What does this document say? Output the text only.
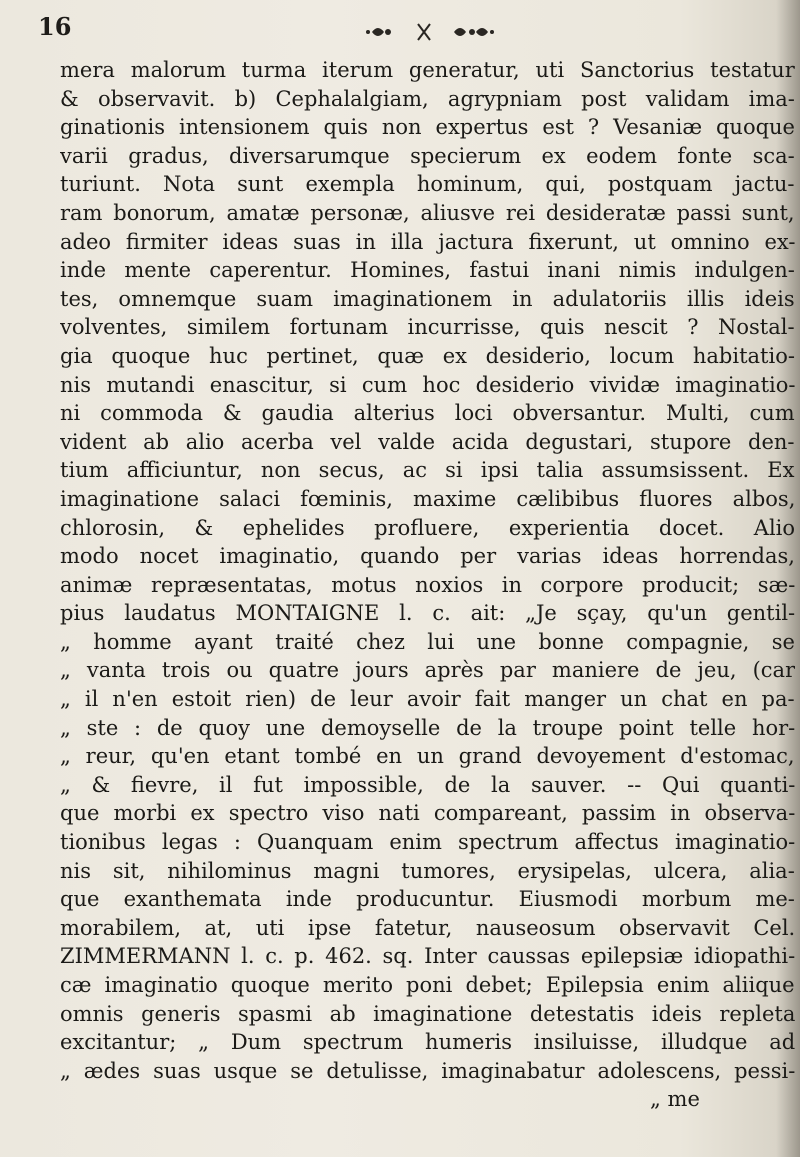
16
mera malorum turma iterum generatur, uti Sanctorius testatur
& observavit. b) Cephalalgiam, agrypniam post validam ima-
ginationis intensionem quis non expertus est ? Vesaniæ quoque
varii gradus, diversarumque specierum ex eodem fonte sca-
turiunt. Nota sunt exempla hominum, qui, postquam jactu-
ram bonorum, amatæ personæ, aliusve rei desideratæ passi sunt,
adeo firmiter ideas suas in illa jactura fixerunt, ut omnino ex-
inde mente caperentur. Homines, fastui inani nimis indulgen-
tes, omnemque suam imaginationem in adulatoriis illis ideis
volventes, similem fortunam incurrisse, quis nescit ? Nostal-
gia quoque huc pertinet, quæ ex desiderio, locum habitatio-
nis mutandi enascitur, si cum hoc desiderio vividæ imaginatio-
ni commoda & gaudia alterius loci obversantur. Multi, cum
vident ab alio acerba vel valde acida degustari, stupore den-
tium afficiuntur, non secus, ac si ipsi talia assumsissent. Ex
imaginatione salaci fœminis, maxime cælibibus fluores albos,
chlorosin, & ephelides profluere, experientia docet. Alio
modo nocet imaginatio, quando per varias ideas horrendas,
animæ repræsentatas, motus noxios in corpore producit; sæ-
pius laudatus MONTAIGNE l. c. ait: „Je sçay, qu'un gentil-
„ homme ayant traité chez lui une bonne compagnie, se
„ vanta trois ou quatre jours après par maniere de jeu, (car
„ il n'en estoit rien) de leur avoir fait manger un chat en pa-
„ ste : de quoy une demoyselle de la troupe point telle hor-
„ reur, qu'en etant tombé en un grand devoyement d'estomac,
„ & fievre, il fut impossible, de la sauver. -- Qui quanti-
que morbi ex spectro viso nati compareant, passim in observa-
tionibus legas : Quanquam enim spectrum affectus imaginatio-
nis sit, nihilominus magni tumores, erysipelas, ulcera, alia-
que exanthemata inde producuntur. Eiusmodi morbum me-
morabilem, at, uti ipse fatetur, nauseosum observavit Cel.
ZIMMERMANN l. c. p. 462. sq. Inter caussas epilepsiæ idiopathi-
cæ imaginatio quoque merito poni debet; Epilepsia enim aliique
omnis generis spasmi ab imaginatione detestatis ideis repleta
excitantur; „ Dum spectrum humeris insiluisse, illudque ad
„ ædes suas usque se detulisse, imaginabatur adolescens, pessi-
„ me
